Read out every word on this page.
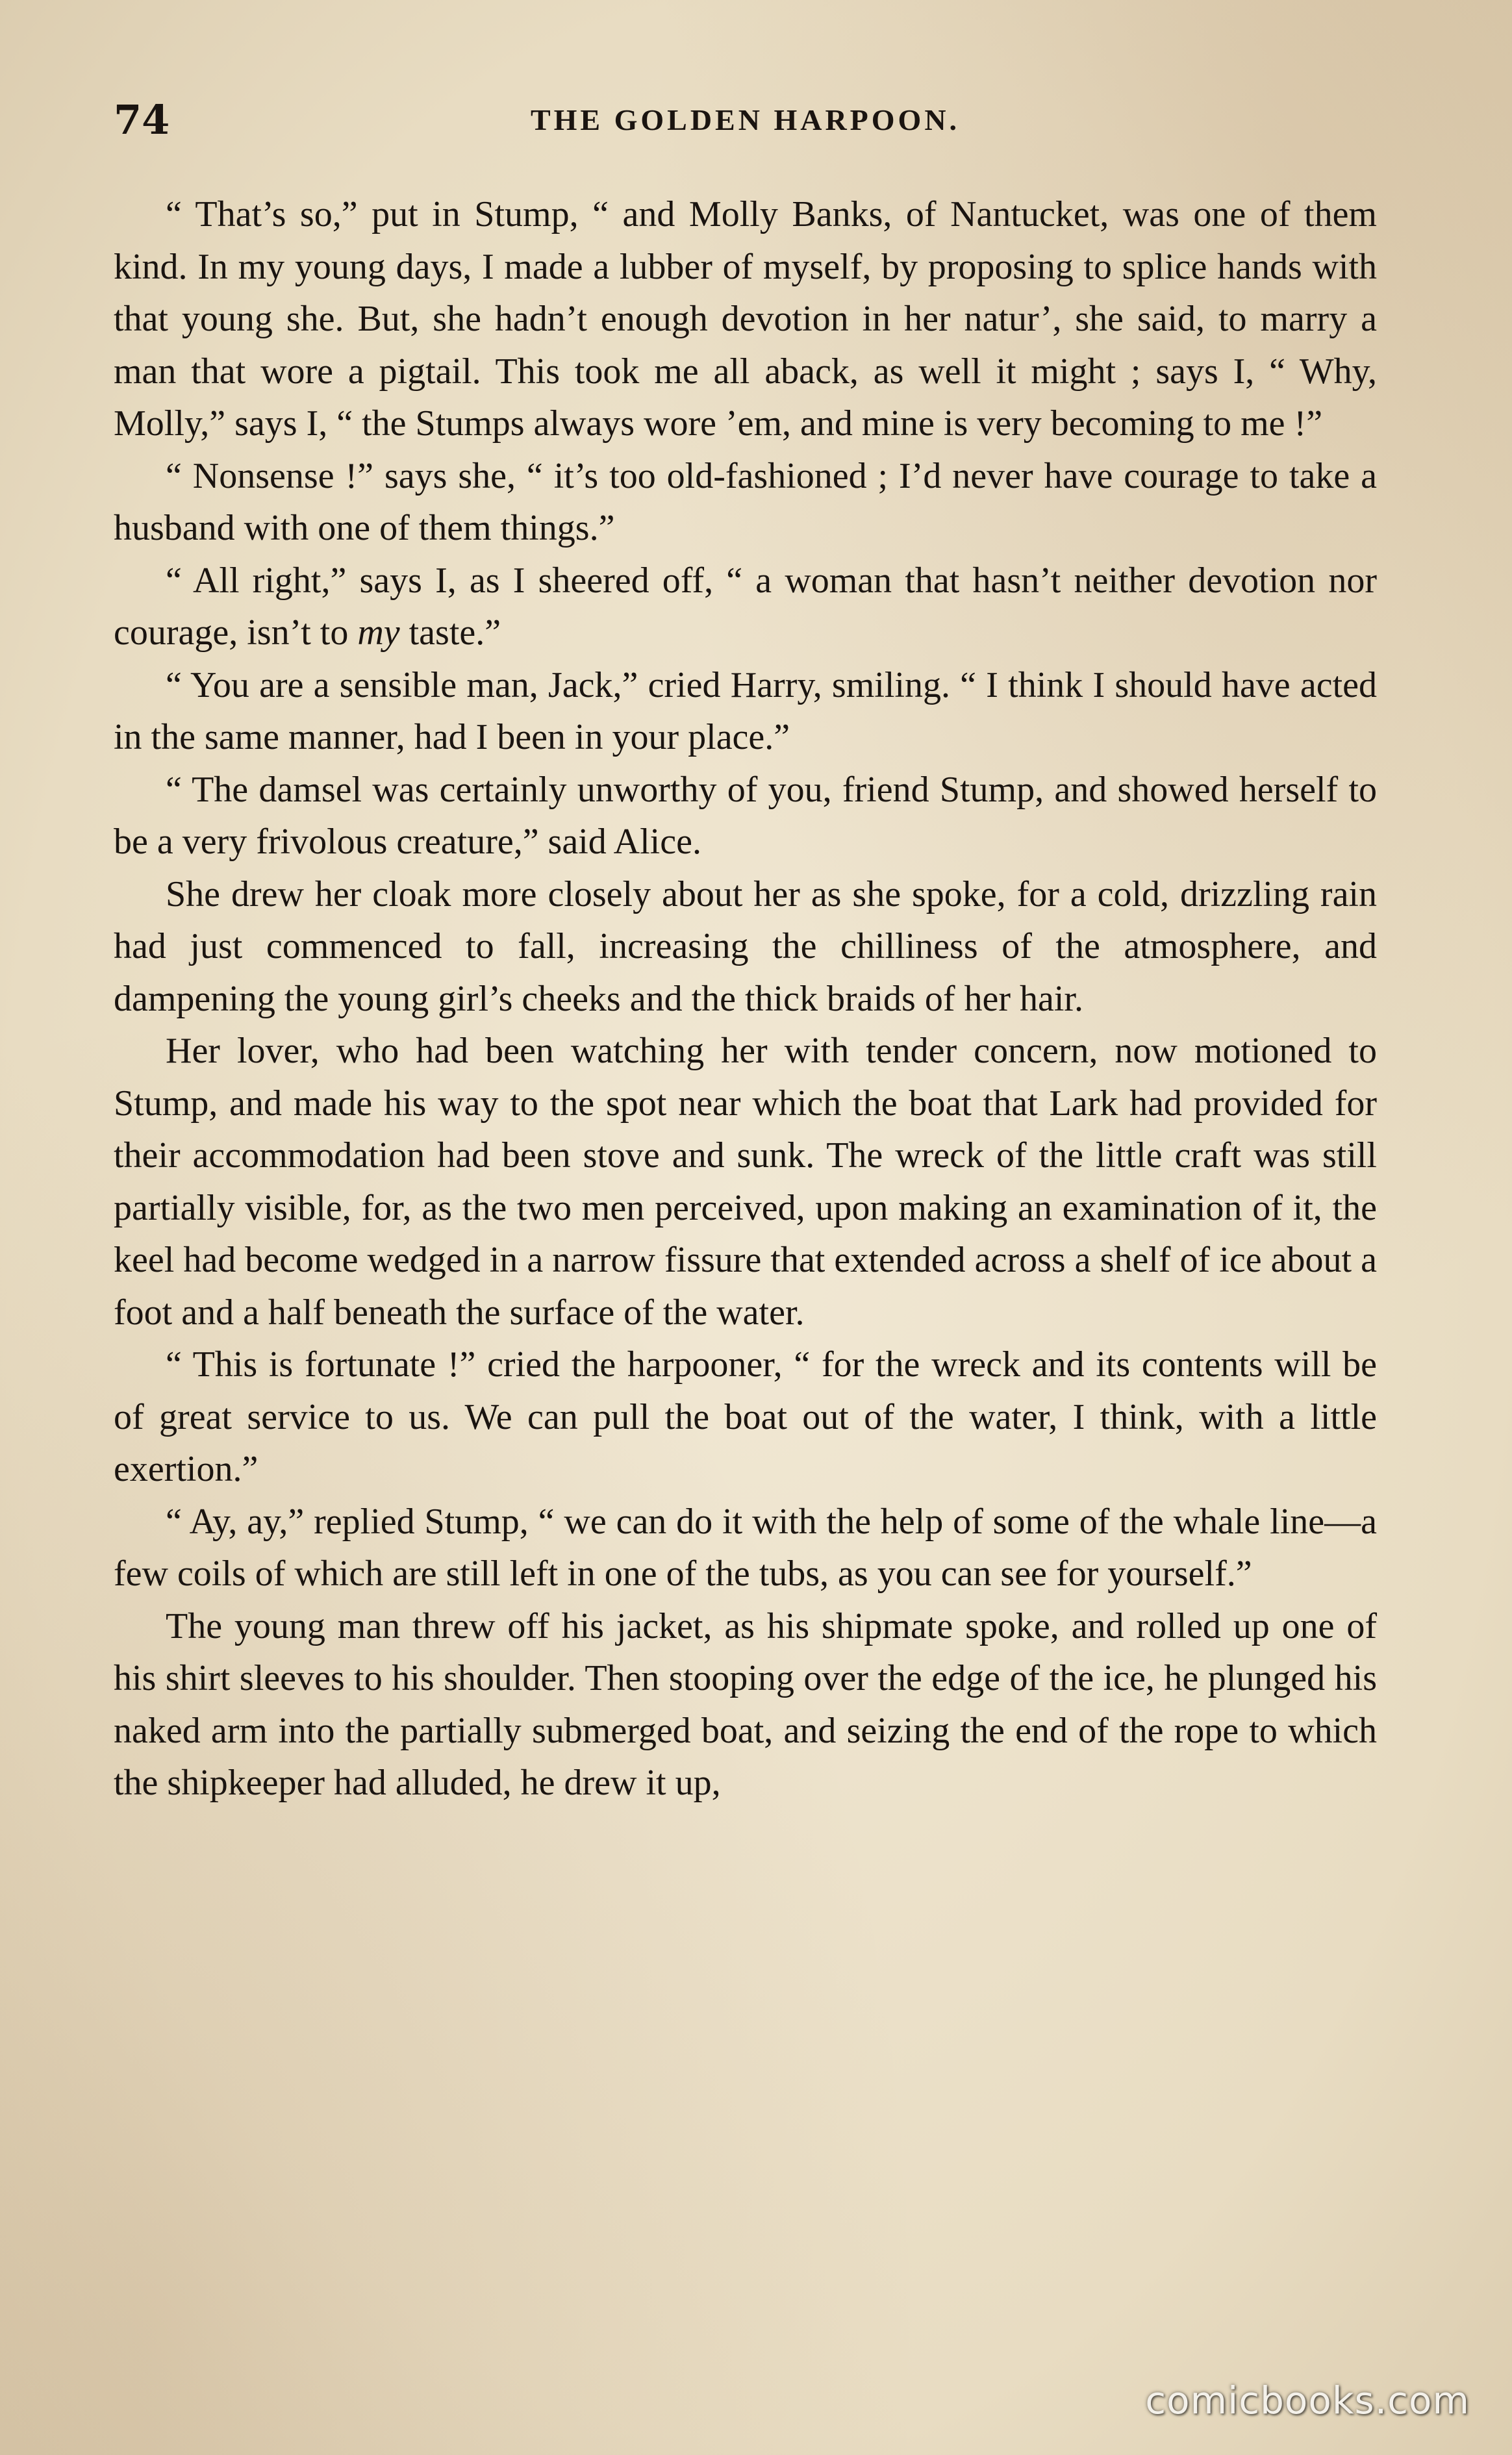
74	THE GOLDEN HARPOON.

“ That’s so,” put in Stump, “ and Molly Banks, of Nantucket, was one of them kind. In my young days, I made a lubber of myself, by proposing to splice hands with that young she. But, she hadn’t enough devotion in her natur’, she said, to marry a man that wore a pigtail. This took me all aback, as well it might ; says I, “ Why, Molly,” says I, “ the Stumps always wore ’em, and mine is very becoming to me !”

“ Nonsense !” says she, “ it’s too old-fashioned ; I’d never have courage to take a husband with one of them things.”

“ All right,” says I, as I sheered off, “ a woman that hasn’t neither devotion nor courage, isn’t to my taste.”

“ You are a sensible man, Jack,” cried Harry, smiling. “ I think I should have acted in the same manner, had I been in your place.”

“ The damsel was certainly unworthy of you, friend Stump, and showed herself to be a very frivolous creature,” said Alice.

She drew her cloak more closely about her as she spoke, for a cold, drizzling rain had just commenced to fall, increasing the chilliness of the atmosphere, and dampening the young girl’s cheeks and the thick braids of her hair.

Her lover, who had been watching her with tender concern, now motioned to Stump, and made his way to the spot near which the boat that Lark had provided for their accommodation had been stove and sunk. The wreck of the little craft was still partially visible, for, as the two men perceived, upon making an examination of it, the keel had become wedged in a narrow fissure that extended across a shelf of ice about a foot and a half beneath the surface of the water.

“ This is fortunate !” cried the harpooner, “ for the wreck and its contents will be of great service to us. We can pull the boat out of the water, I think, with a little exertion.”

“ Ay, ay,” replied Stump, “ we can do it with the help of some of the whale line—a few coils of which are still left in one of the tubs, as you can see for yourself.”

The young man threw off his jacket, as his shipmate spoke, and rolled up one of his shirt sleeves to his shoulder. Then stooping over the edge of the ice, he plunged his naked arm into the partially submerged boat, and seizing the end of the rope to which the shipkeeper had alluded, he drew it up,

comicbooks.com
